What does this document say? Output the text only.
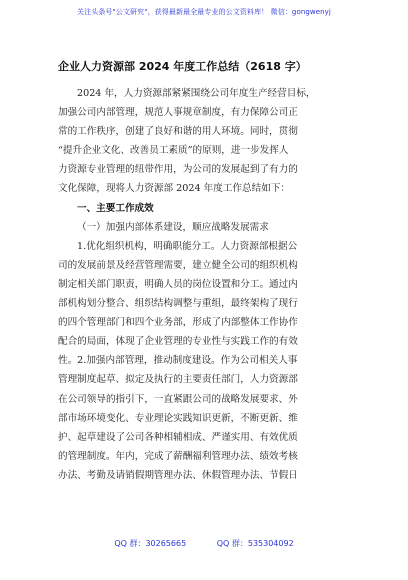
关注头条号"公文研究"，获得最新最全最专业的公文资料库！ 微信：gongwenyj
企业人力资源部 2024 年度工作总结（2618 字）
2024 年，人力资源部紧紧围绕公司年度生产经营目标，
加强公司内部管理，规范人事规章制度，有力保障公司正
常的工作秩序，创建了良好和谐的用人环境。同时，贯彻
“提升企业文化、改善员工素质”的原则，进一步发挥人
力资源专业管理的纽带作用，为公司的发展起到了有力的
文化保障，现将人力资源部 2024 年度工作总结如下：
一、主要工作成效
（一）加强内部体系建设，顺应战略发展需求
1.优化组织机构，明确职能分工。人力资源部根据公
司的发展前景及经营管理需要，建立健全公司的组织机构
制定相关部门职责，明确人员的岗位设置和分工。通过内
部机构划分整合、组织结构调整与重组，最终架构了现行
的四个管理部门和四个业务部，形成了内部整体工作协作
配合的局面，体现了企业管理的专业性与实践工作的有效
性。2.加强内部管理，推动制度建设。作为公司相关人事
管理制度起草、拟定及执行的主要责任部门，人力资源部
在公司领导的指引下，一直紧跟公司的战略发展要求、外
部市场环境变化、专业理论实践知识更新，不断更新、维
护、起草建设了公司各种相辅相成、严谨实用、有效优质
的管理制度。年内，完成了薪酬福利管理办法、绩效考核
办法、考勤及请销假期管理办法、休假管理办法、节假日
QQ 群：30265665	QQ 群：535304092
